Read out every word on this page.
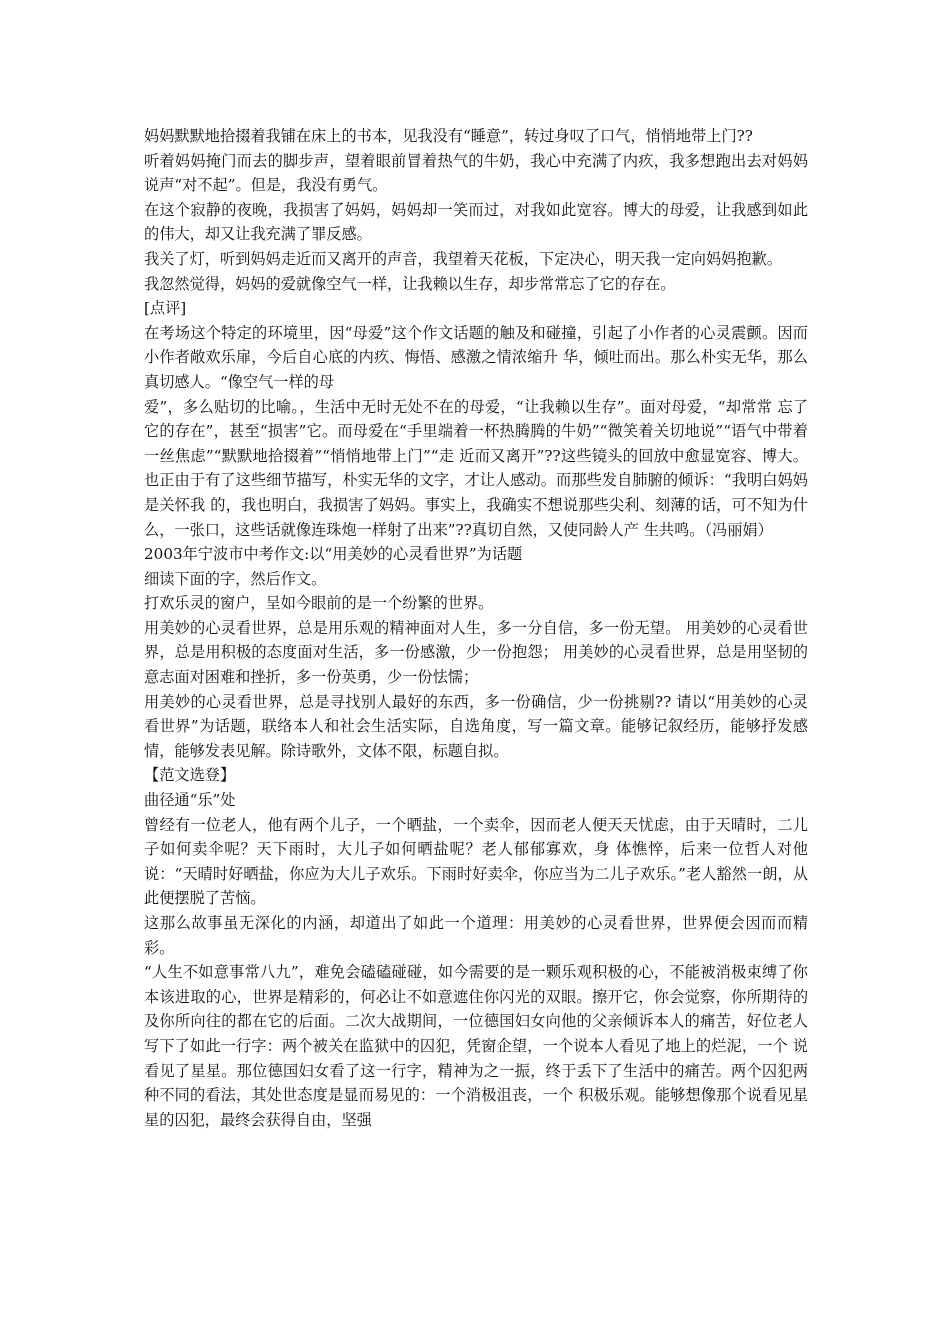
妈妈默默地拾掇着我铺在床上的书本，见我没有“睡意”，转过身叹了口气，悄悄地带上门??

听着妈妈掩门而去的脚步声，望着眼前冒着热气的牛奶，我心中充满了内疚，我多想跑出去对妈妈说声“对不起”。但是，我没有勇气。

在这个寂静的夜晚，我损害了妈妈，妈妈却一笑而过，对我如此宽容。博大的母爱，让我感到如此的伟大，却又让我充满了罪反感。

我关了灯，听到妈妈走近而又离开的声音，我望着天花板，下定决心，明天我一定向妈妈抱歉。

我忽然觉得，妈妈的爱就像空气一样，让我赖以生存，却步常常忘了它的存在。

[点评]

在考场这个特定的环境里，因“母爱”这个作文话题的触及和碰撞，引起了小作者的心灵震颤。因而小作者敞欢乐扉，今后自心底的内疚、悔悟、感激之情浓缩升 华，倾吐而出。那么朴实无华，那么真切感人。“像空气一样的母

爱”，多么贴切的比喻。，生活中无时无处不在的母爱，“让我赖以生存”。面对母爱，“却常常 忘了它的存在”，甚至“损害”它。而母爱在“手里端着一杯热腾腾的牛奶”“微笑着关切地说”“语气中带着一丝焦虑”“默默地拾掇着”“悄悄地带上门”“走 近而又离开”??这些镜头的回放中愈显宽容、博大。也正由于有了这些细节描写，朴实无华的文字，才让人感动。而那些发自肺腑的倾诉：“我明白妈妈是关怀我 的，我也明白，我损害了妈妈。事实上，我确实不想说那些尖利、刻薄的话，可不知为什么，一张口，这些话就像连珠炮一样射了出来”??真切自然，又使同龄人产 生共鸣。（冯丽娟）

2003年宁波市中考作文:以“用美妙的心灵看世界”为话题

细读下面的字，然后作文。

打欢乐灵的窗户，呈如今眼前的是一个纷繁的世界。

用美妙的心灵看世界，总是用乐观的精神面对人生，多一分自信，多一份无望。 用美妙的心灵看世界，总是用积极的态度面对生活，多一份感激，少一份抱怨； 用美妙的心灵看世界，总是用坚韧的意志面对困难和挫折，多一份英勇，少一份怯懦；

用美妙的心灵看世界，总是寻找别人最好的东西，多一份确信，少一份挑剔?? 请以“用美妙的心灵看世界”为话题，联络本人和社会生活实际，自选角度，写一篇文章。能够记叙经历，能够抒发感情，能够发表见解。除诗歌外，文体不限，标题自拟。

【范文选登】

曲径通“乐”处

曾经有一位老人，他有两个儿子，一个晒盐，一个卖伞，因而老人便天天忧虑，由于天晴时，二儿子如何卖伞呢？天下雨时，大儿子如何晒盐呢？老人郁郁寡欢，身 体憔悴，后来一位哲人对他说：“天晴时好晒盐，你应为大儿子欢乐。下雨时好卖伞，你应当为二儿子欢乐。”老人豁然一朗，从此便摆脱了苦恼。

这那么故事虽无深化的内涵，却道出了如此一个道理：用美妙的心灵看世界，世界便会因而而精彩。

“人生不如意事常八九”，难免会磕磕碰碰，如今需要的是一颗乐观积极的心，不能被消极束缚了你本该进取的心，世界是精彩的，何必让不如意遮住你闪光的双眼。擦开它，你会觉察，你所期待的及你所向往的都在它的后面。二次大战期间，一位德国妇女向他的父亲倾诉本人的痛苦，好位老人写下了如此一行字：两个被关在监狱中的囚犯，凭窗企望，一个说本人看见了地上的烂泥，一个 说看见了星星。那位德国妇女看了这一行字，精神为之一振，终于丢下了生活中的痛苦。两个囚犯两种不同的看法，其处世态度是显而易见的：一个消极沮丧，一个 积极乐观。能够想像那个说看见星星的囚犯，最终会获得自由，坚强
